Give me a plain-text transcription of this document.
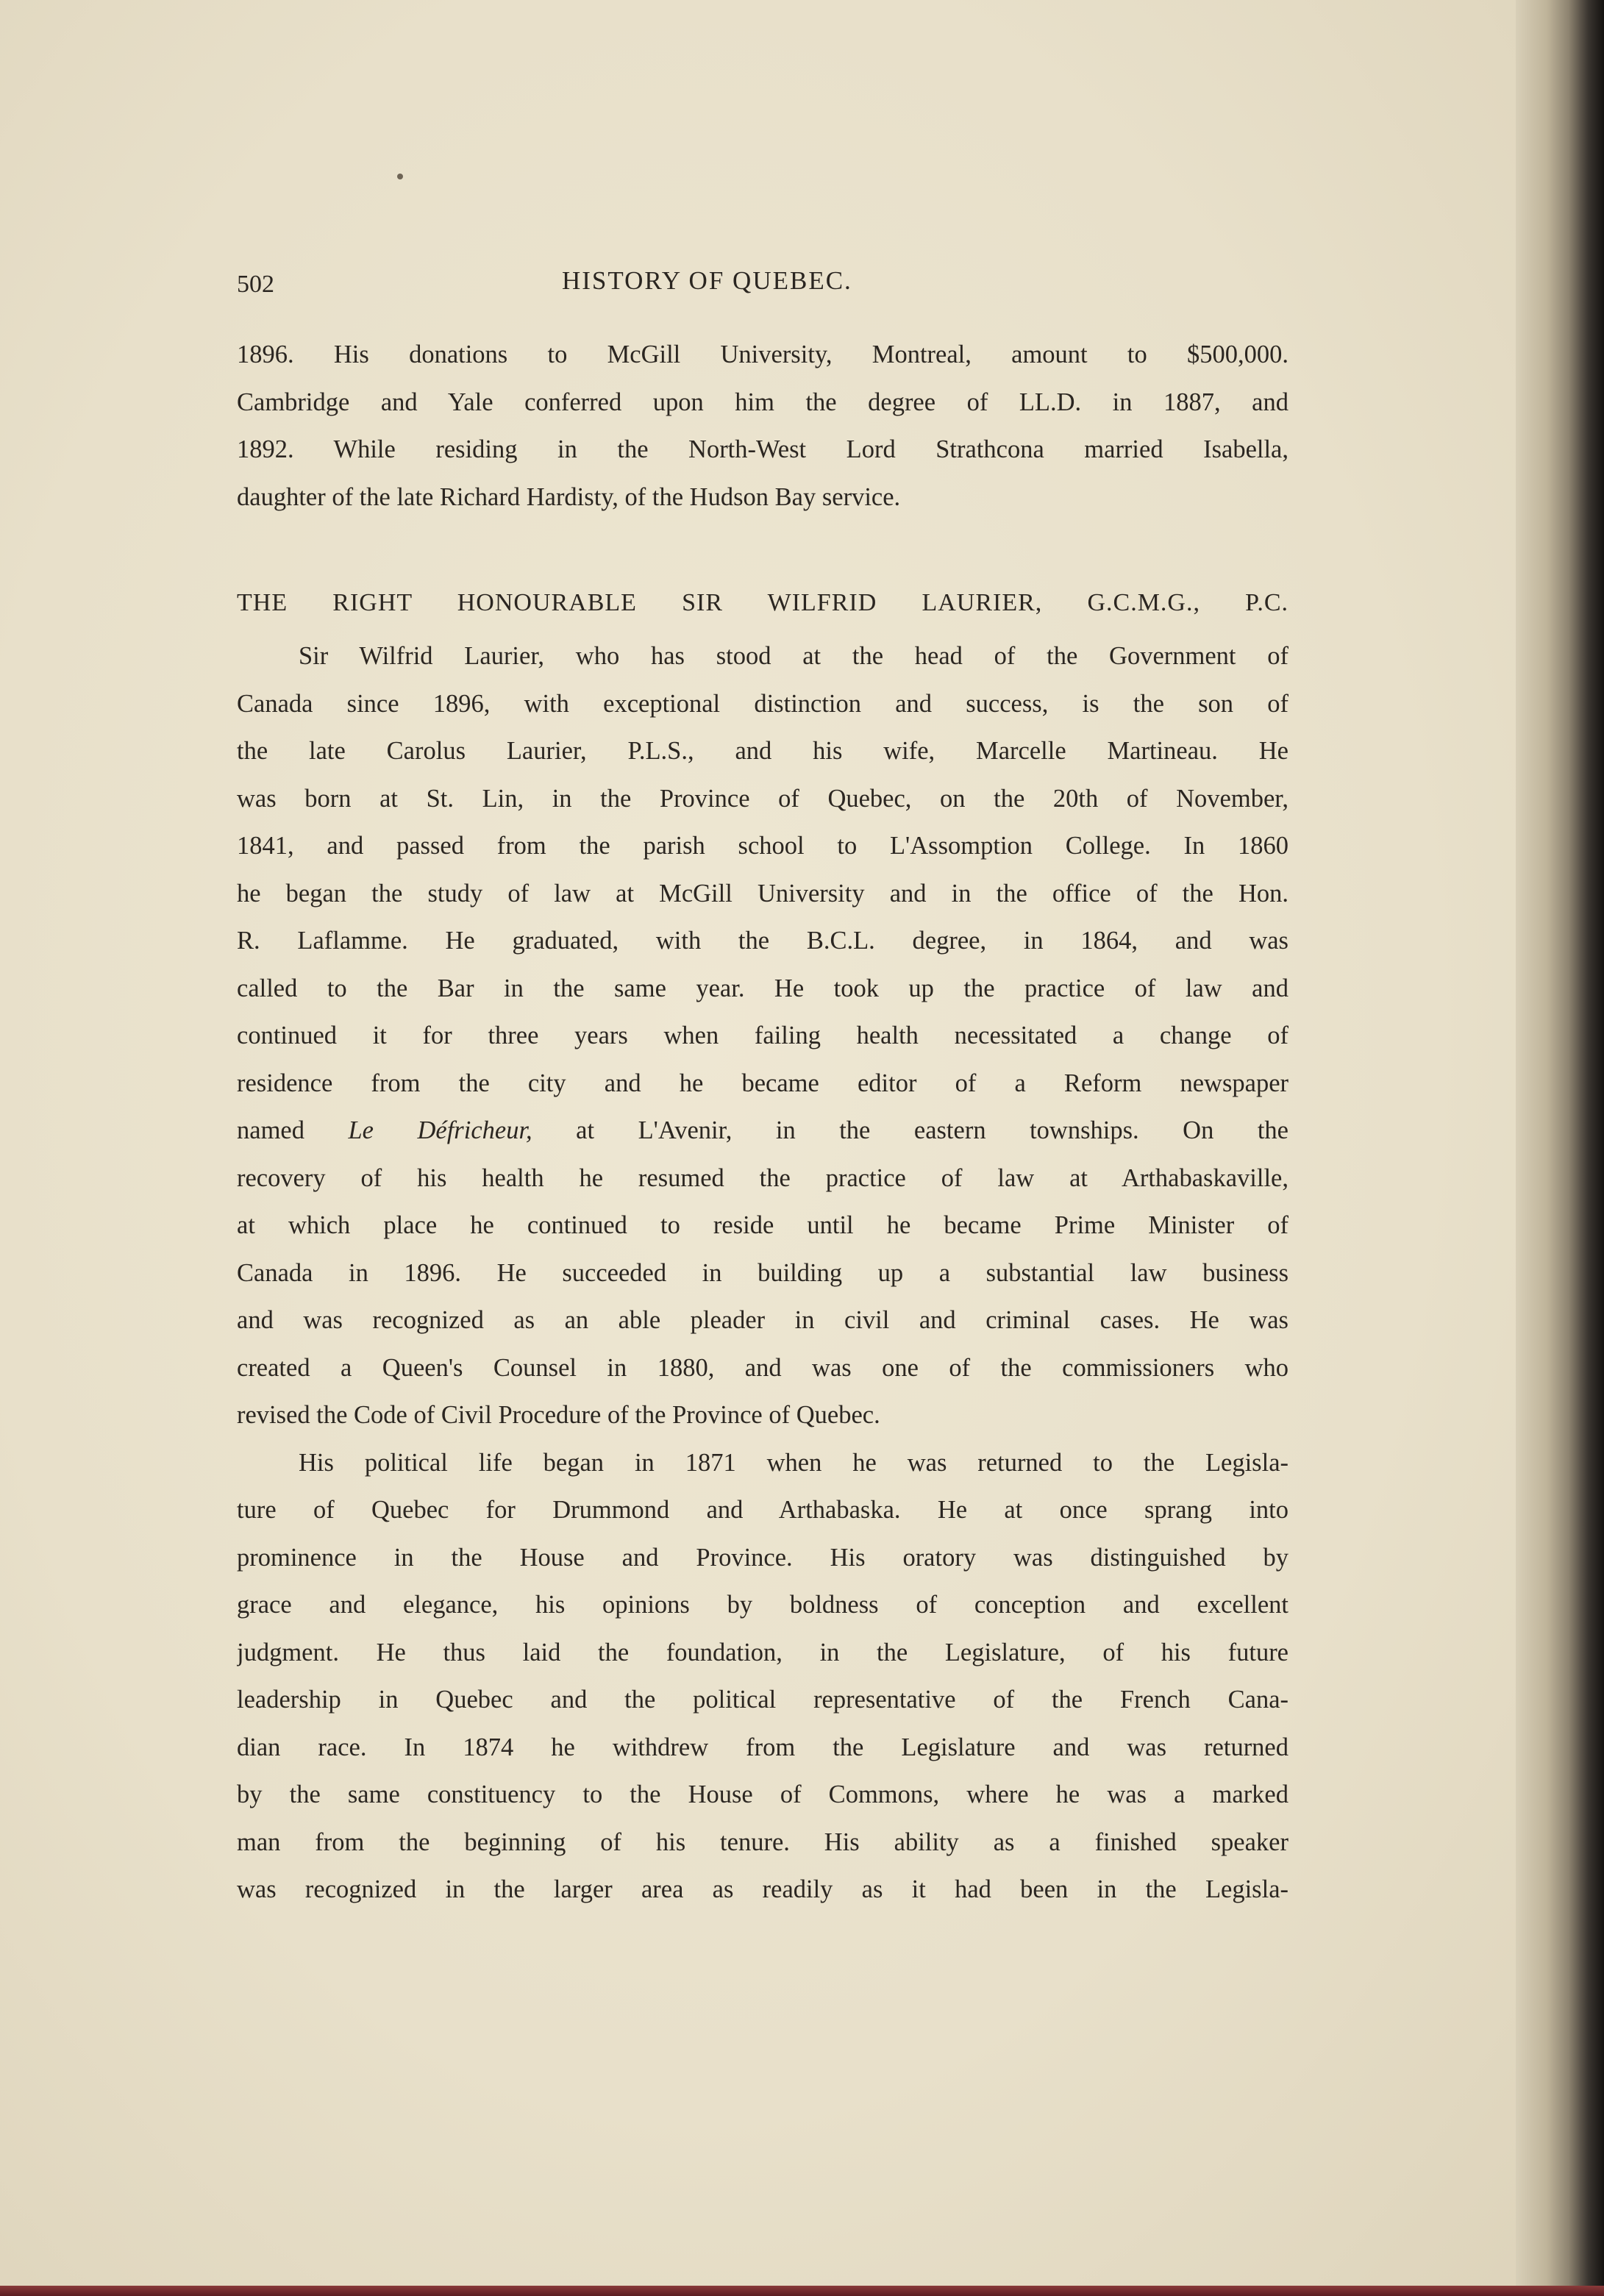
502	HISTORY OF QUEBEC.
1896. His donations to McGill University, Montreal, amount to $500,000.
Cambridge and Yale conferred upon him the degree of LL.D. in 1887, and
1892. While residing in the North-West Lord Strathcona married Isabella,
daughter of the late Richard Hardisty, of the Hudson Bay service.
THE RIGHT HONOURABLE SIR WILFRID LAURIER, G.C.M.G., P.C.
Sir Wilfrid Laurier, who has stood at the head of the Government of
Canada since 1896, with exceptional distinction and success, is the son of
the late Carolus Laurier, P.L.S., and his wife, Marcelle Martineau. He
was born at St. Lin, in the Province of Quebec, on the 20th of November,
1841, and passed from the parish school to L'Assomption College. In 1860
he began the study of law at McGill University and in the office of the Hon.
R. Laflamme. He graduated, with the B.C.L. degree, in 1864, and was
called to the Bar in the same year. He took up the practice of law and
continued it for three years when failing health necessitated a change of
residence from the city and he became editor of a Reform newspaper
named Le Défricheur, at L'Avenir, in the eastern townships. On the
recovery of his health he resumed the practice of law at Arthabaskaville,
at which place he continued to reside until he became Prime Minister of
Canada in 1896. He succeeded in building up a substantial law business
and was recognized as an able pleader in civil and criminal cases. He was
created a Queen's Counsel in 1880, and was one of the commissioners who
revised the Code of Civil Procedure of the Province of Quebec.
His political life began in 1871 when he was returned to the Legisla-
ture of Quebec for Drummond and Arthabaska. He at once sprang into
prominence in the House and Province. His oratory was distinguished by
grace and elegance, his opinions by boldness of conception and excellent
judgment. He thus laid the foundation, in the Legislature, of his future
leadership in Quebec and the political representative of the French Cana-
dian race. In 1874 he withdrew from the Legislature and was returned
by the same constituency to the House of Commons, where he was a marked
man from the beginning of his tenure. His ability as a finished speaker
was recognized in the larger area as readily as it had been in the Legisla-
